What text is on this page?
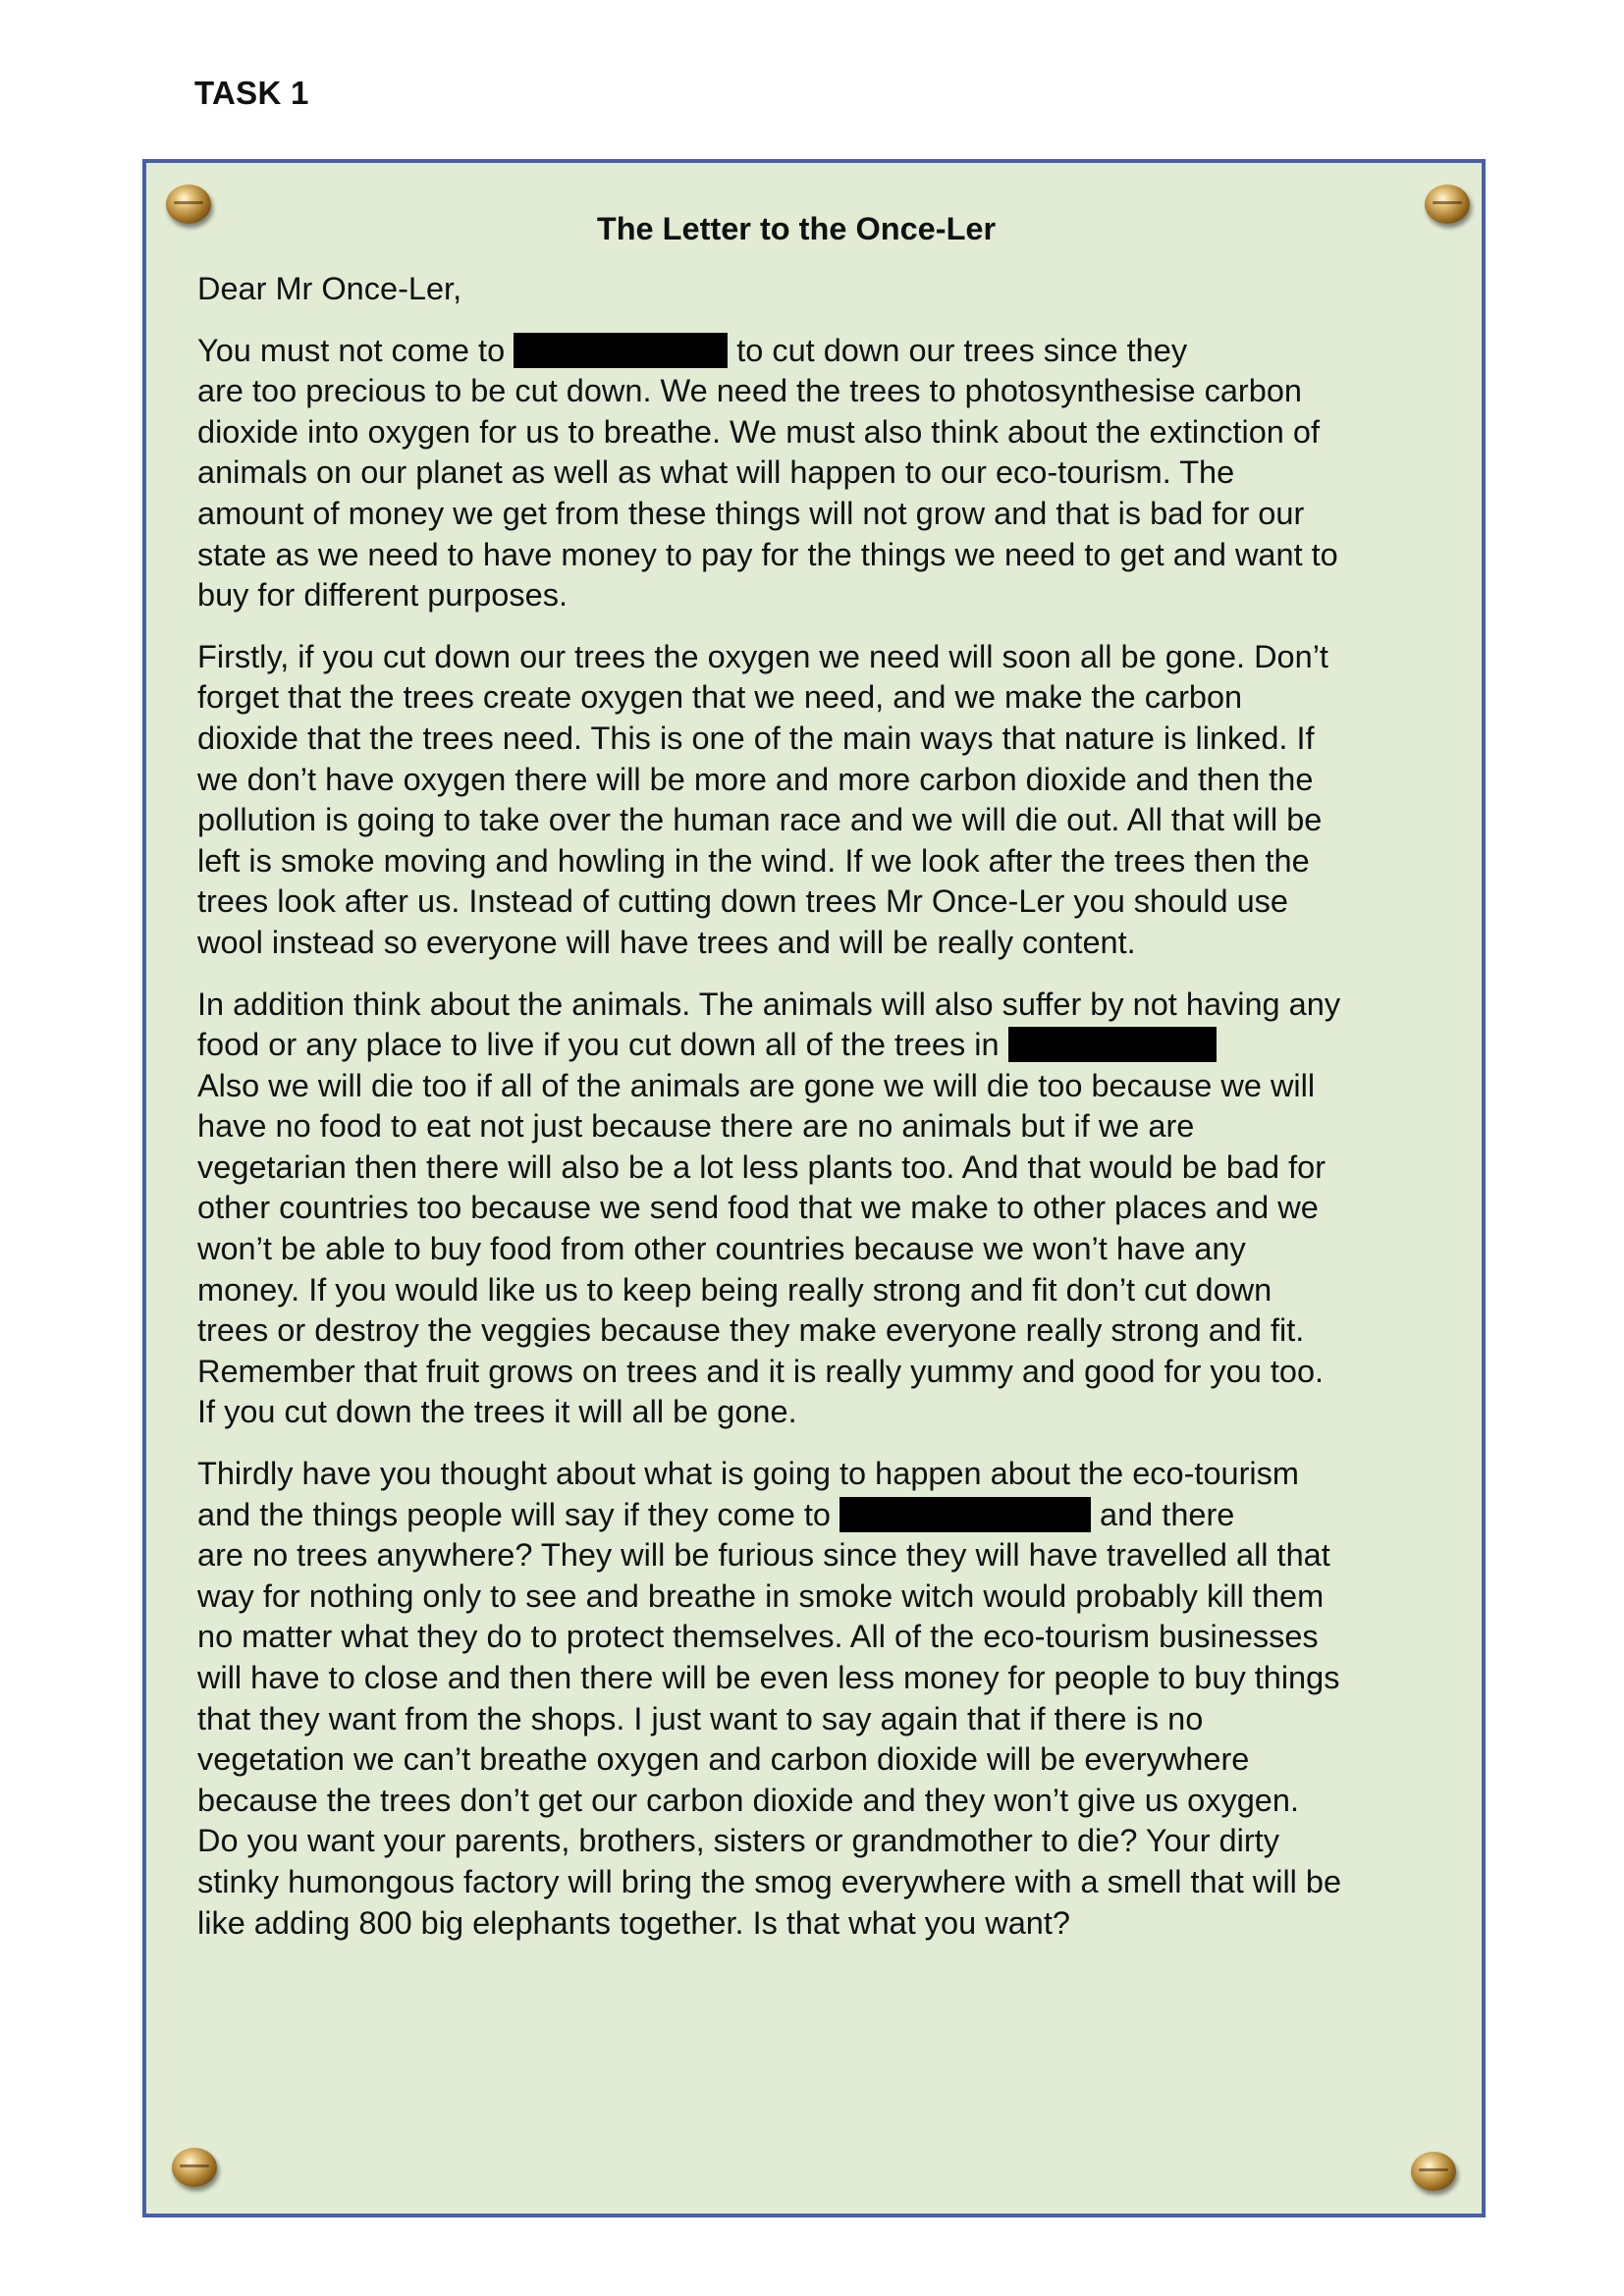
TASK 1
The Letter to the Once-Ler
Dear Mr Once-Ler,

You must not come to	to cut down our trees since they
are too precious to be cut down. We need the trees to photosynthesise carbon
dioxide into oxygen for us to breathe. We must also think about the extinction of
animals on our planet as well as what will happen to our eco-tourism. The
amount of money we get from these things will not grow and that is bad for our
state as we need to have money to pay for the things we need to get and want to
buy for different purposes.

Firstly, if you cut down our trees the oxygen we need will soon all be gone. Don’t
forget that the trees create oxygen that we need, and we make the carbon
dioxide that the trees need. This is one of the main ways that nature is linked. If
we don’t have oxygen there will be more and more carbon dioxide and then the
pollution is going to take over the human race and we will die out. All that will be
left is smoke moving and howling in the wind. If we look after the trees then the
trees look after us. Instead of cutting down trees Mr Once-Ler you should use
wool instead so everyone will have trees and will be really content.

In addition think about the animals. The animals will also suffer by not having any
food or any place to live if you cut down all of the trees in
Also we will die too if all of the animals are gone we will die too because we will
have no food to eat not just because there are no animals but if we are
vegetarian then there will also be a lot less plants too. And that would be bad for
other countries too because we send food that we make to other places and we
won’t be able to buy food from other countries because we won’t have any
money. If you would like us to keep being really strong and fit don’t cut down
trees or destroy the veggies because they make everyone really strong and fit.
Remember that fruit grows on trees and it is really yummy and good for you too.
If you cut down the trees it will all be gone.

Thirdly have you thought about what is going to happen about the eco-tourism
and the things people will say if they come to	and there
are no trees anywhere? They will be furious since they will have travelled all that
way for nothing only to see and breathe in smoke witch would probably kill them
no matter what they do to protect themselves. All of the eco-tourism businesses
will have to close and then there will be even less money for people to buy things
that they want from the shops. I just want to say again that if there is no
vegetation we can’t breathe oxygen and carbon dioxide will be everywhere
because the trees don’t get our carbon dioxide and they won’t give us oxygen.
Do you want your parents, brothers, sisters or grandmother to die? Your dirty
stinky humongous factory will bring the smog everywhere with a smell that will be
like adding 800 big elephants together. Is that what you want?
